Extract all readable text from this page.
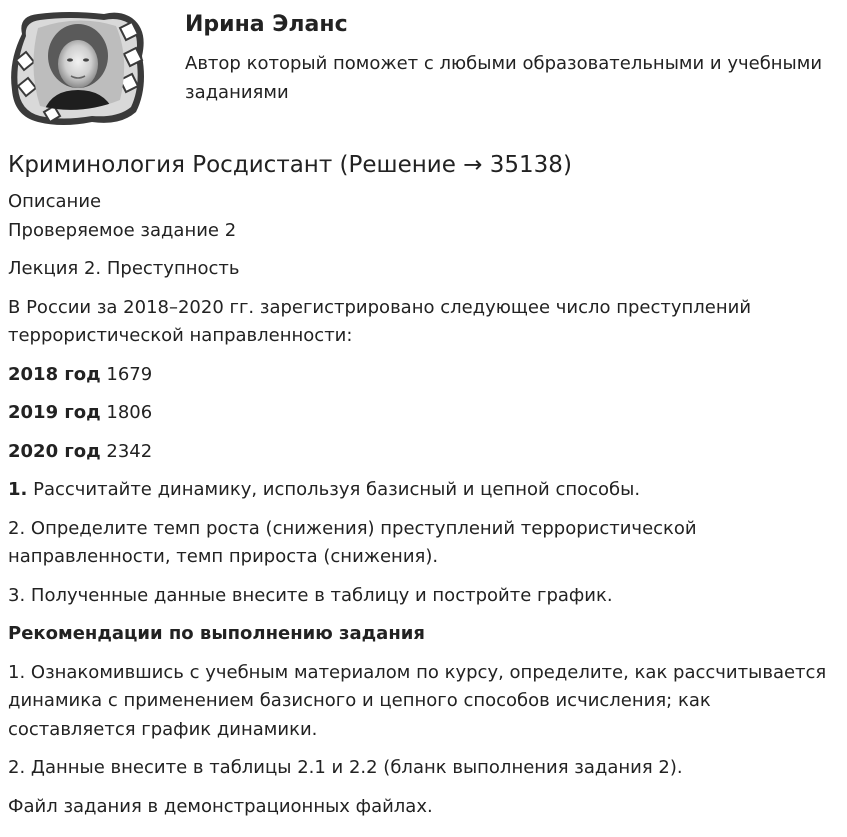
Ирина Эланс

Автор который поможет с любыми образовательными и учебными заданиями

Криминология Росдистант (Решение → 35138)

Описание

Проверяемое задание 2

Лекция 2. Преступность

В России за 2018–2020 гг. зарегистрировано следующее число преступлений террористической направленности:

2018 год 1679

2019 год 1806

2020 год 2342

1. Рассчитайте динамику, используя базисный и цепной способы.

2. Определите темп роста (снижения) преступлений террористической направленности, темп прироста (снижения).

3. Полученные данные внесите в таблицу и постройте график.

Рекомендации по выполнению задания

1. Ознакомившись с учебным материалом по курсу, определите, как рассчитывается динамика с применением базисного и цепного способов исчисления; как составляется график динамики.

2. Данные внесите в таблицы 2.1 и 2.2 (бланк выполнения задания 2).

Файл задания в демонстрационных файлах.
